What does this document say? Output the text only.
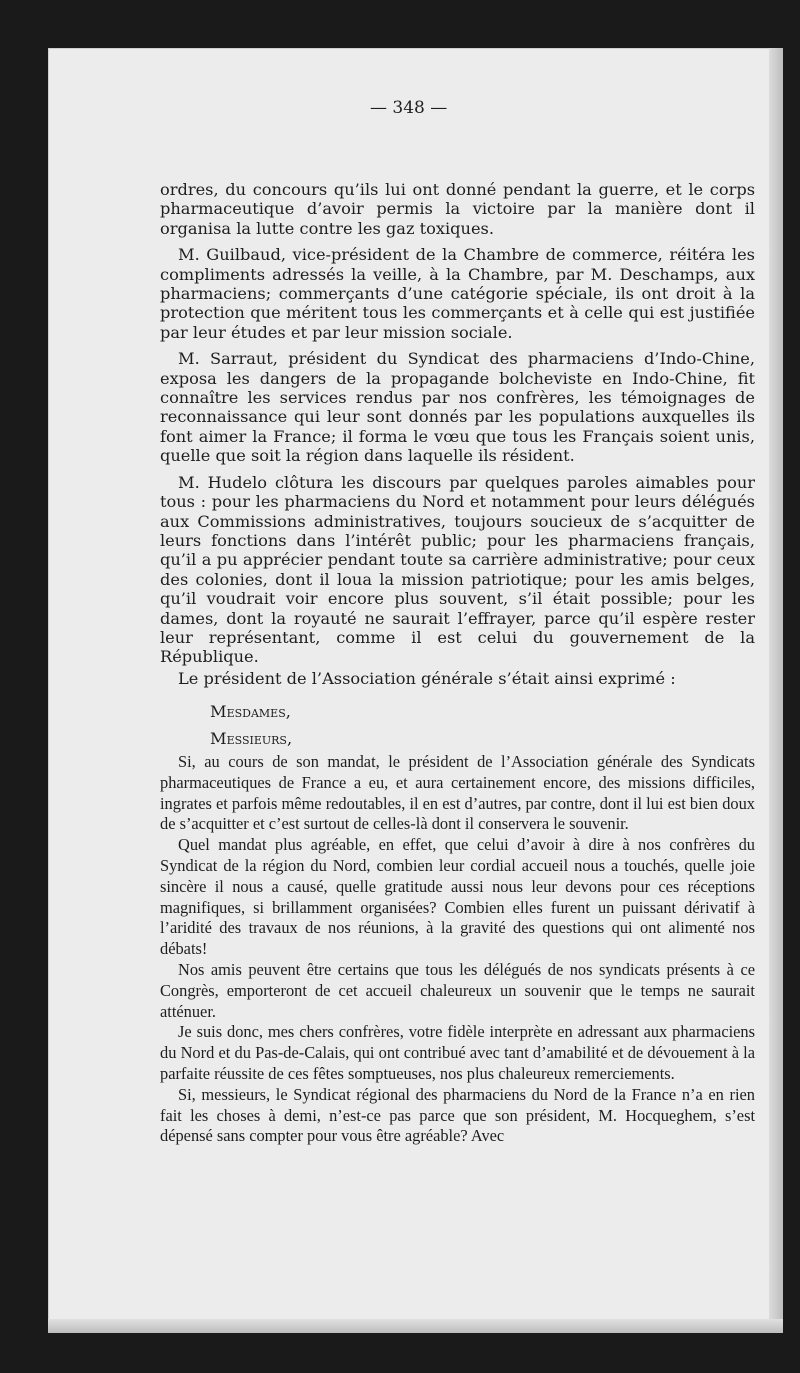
— 348 —

ordres, du concours qu’ils lui ont donné pendant la guerre, et le corps pharmaceutique d’avoir permis la victoire par la manière dont il organisa la lutte contre les gaz toxiques.

M. Guilbaud, vice-président de la Chambre de commerce, réitéra les compliments adressés la veille, à la Chambre, par M. Deschamps, aux pharmaciens; commerçants d’une catégorie spéciale, ils ont droit à la protection que méritent tous les commerçants et à celle qui est justifiée par leur études et par leur mission sociale.

M. Sarraut, président du Syndicat des pharmaciens d’Indo-Chine, exposa les dangers de la propagande bolcheviste en Indo-Chine, fit connaître les services rendus par nos confrères, les témoignages de reconnaissance qui leur sont donnés par les populations auxquelles ils font aimer la France; il forma le vœu que tous les Français soient unis, quelle que soit la région dans laquelle ils résident.

M. Hudelo clôtura les discours par quelques paroles aimables pour tous : pour les pharmaciens du Nord et notamment pour leurs délégués aux Commissions administratives, toujours soucieux de s’acquitter de leurs fonctions dans l’intérêt public; pour les pharmaciens français, qu’il a pu apprécier pendant toute sa carrière administrative; pour ceux des colonies, dont il loua la mission patriotique; pour les amis belges, qu’il voudrait voir encore plus souvent, s’il était possible; pour les dames, dont la royauté ne saurait l’effrayer, parce qu’il espère rester leur représentant, comme il est celui du gouvernement de la République.

Le président de l’Association générale s’était ainsi exprimé :

Mesdames,

Messieurs,

Si, au cours de son mandat, le président de l’Association générale des Syndicats pharmaceutiques de France a eu, et aura certainement encore, des missions difficiles, ingrates et parfois même redoutables, il en est d’autres, par contre, dont il lui est bien doux de s’acquitter et c’est surtout de celles-là dont il conservera le souvenir.

Quel mandat plus agréable, en effet, que celui d’avoir à dire à nos confrères du Syndicat de la région du Nord, combien leur cordial accueil nous a touchés, quelle joie sincère il nous a causé, quelle gratitude aussi nous leur devons pour ces réceptions magnifiques, si brillamment organisées? Combien elles furent un puissant dérivatif à l’aridité des travaux de nos réunions, à la gravité des questions qui ont alimenté nos débats!

Nos amis peuvent être certains que tous les délégués de nos syndicats présents à ce Congrès, emporteront de cet accueil chaleureux un souvenir que le temps ne saurait atténuer.

Je suis donc, mes chers confrères, votre fidèle interprète en adressant aux pharmaciens du Nord et du Pas-de-Calais, qui ont contribué avec tant d’amabilité et de dévouement à la parfaite réussite de ces fêtes somptueuses, nos plus chaleureux remerciements.

Si, messieurs, le Syndicat régional des pharmaciens du Nord de la France n’a en rien fait les choses à demi, n’est-ce pas parce que son président, M. Hocqueghem, s’est dépensé sans compter pour vous être agréable? Avec
